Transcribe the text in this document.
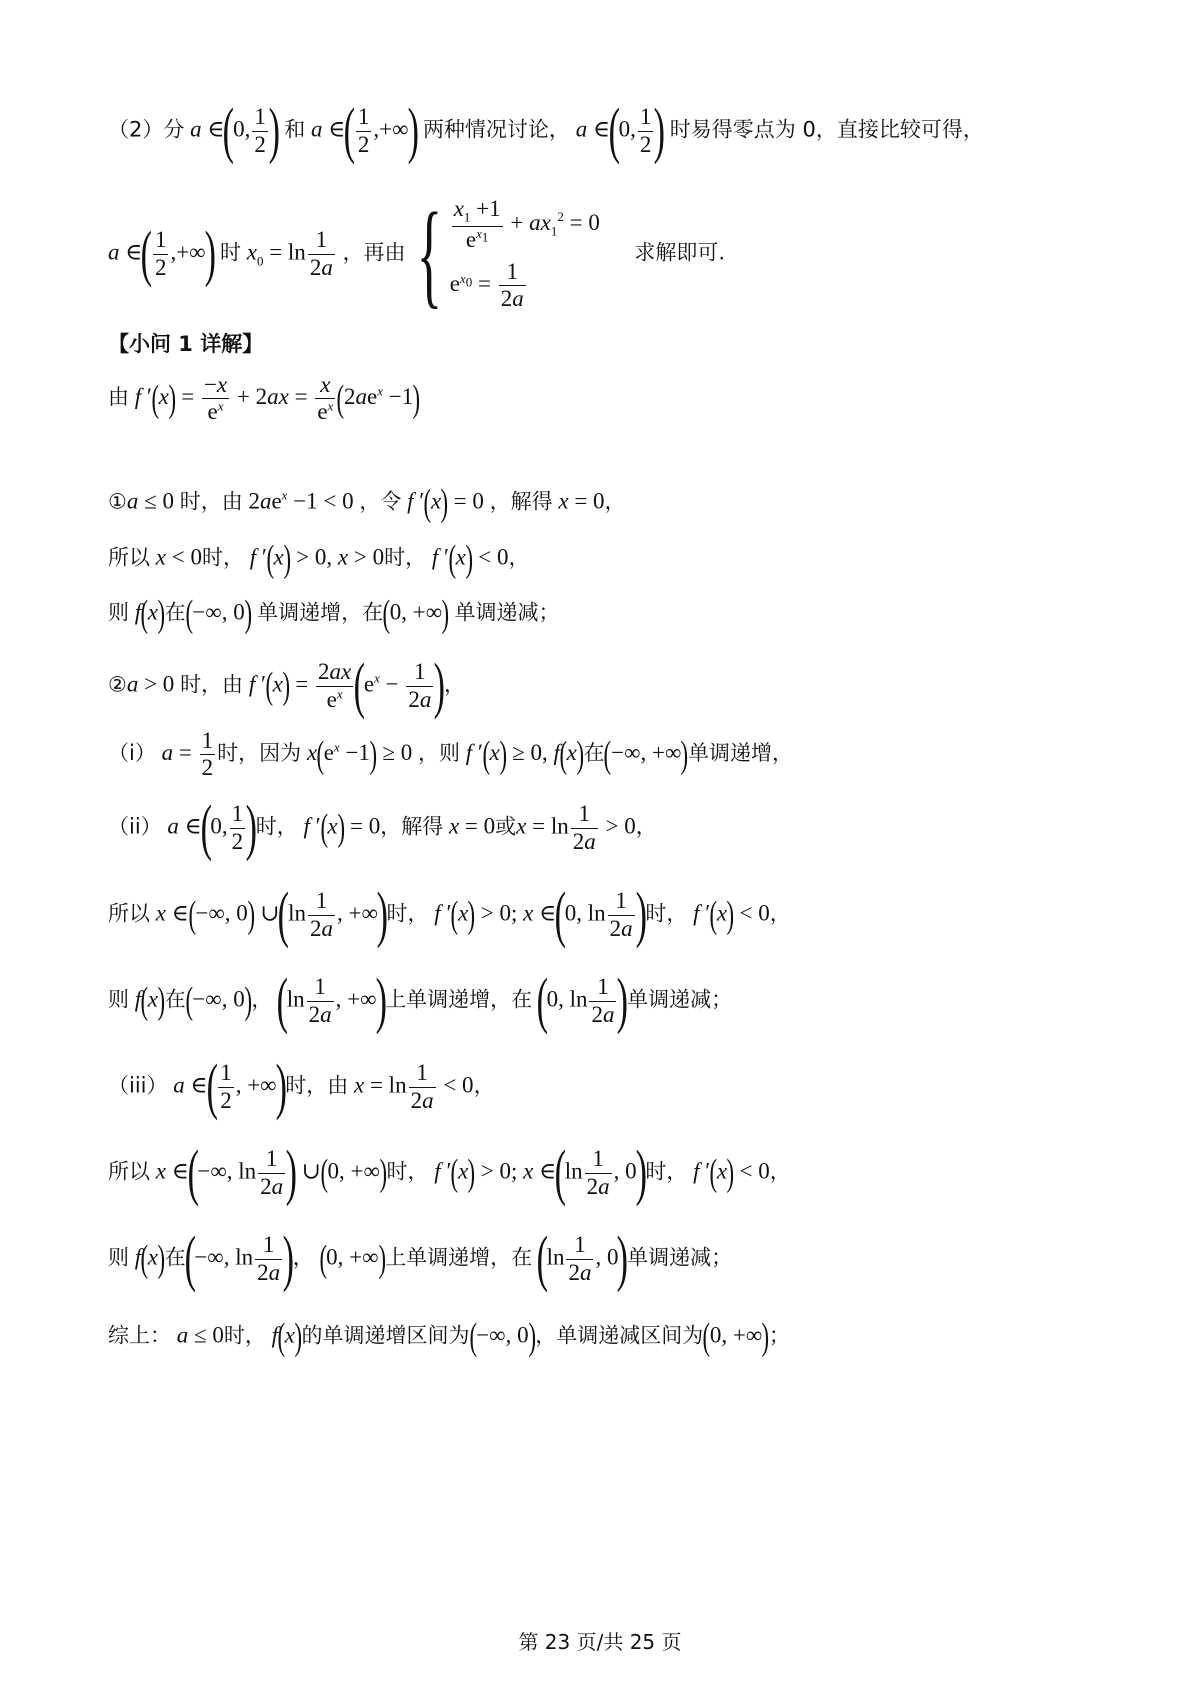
（2）分 a ∈(0, $\frac{1}{2}$ ) 和 a ∈( $\frac{1}{2}$ ,+∞) 两种情况讨论， a ∈(0, $\frac{1}{2}$ ) 时易得零点为 0，直接比较可得，
a ∈( $\frac{1}{2}$ ,+∞) 时 $x_0 = \ln \frac{1}{2a}$ ，再由 { $\frac{x_1 +1}{e^{x_1}} + ax_1^2 = 0$
$e^{x_0} = \frac{1}{2a}$
求解即可.
【小问 1 详解】
由 f $'(x) = \frac{-x}{e^x} + 2ax = \frac{x}{e^x} (2ae^x -1)$
①a ≤ 0 时，由 $2ae^x -1 < 0$ ，令 f ′(x) = 0 ，解得 x = 0，
所以 x < 0时， f ′(x) > 0, x > 0时， f ′(x) < 0，
则 f(x)在(−∞, 0) 单调递增，在(0, +∞) 单调递减；
②a > 0 时，由 f $'(x) = \frac{2ax}{e^x} (e^x - \frac{1}{2a}$ )，
（i） $a = \frac{1}{2}$ 时，因为 $x(e^x -1) \ge 0$ ，则 f ′(x) ≥ 0, f(x)在(−∞, +∞)单调递增，
（ii） a ∈(0, $\frac{1}{2}$ )时， f ′(x) = 0，解得 x = 0或$x = \ln \frac{1}{2a} > 0$，
所以 x ∈(−∞, 0) ∪(ln $\frac{1}{2a}$ , +∞)时， f ′(x) > 0; x ∈(0, $\ln \frac{1}{2a}$ )时， f ′(x) < 0，
则 f(x)在(−∞, 0)， ($\ln \frac{1}{2a}$ , +∞)上单调递增，在 (0, $\ln \frac{1}{2a}$ )单调递减；
（iii） a ∈( $\frac{1}{2}$ , +∞)时，由 $x = \ln \frac{1}{2a} < 0$，
所以 x ∈(−∞, $\ln \frac{1}{2a}$ ) ∪(0, +∞)时， f ′(x) > 0; x ∈(ln $\frac{1}{2a}$ , 0)时， f ′(x) < 0，
则 f(x)在(−∞, $\ln \frac{1}{2a}$ )， (0, +∞)上单调递增，在 ($\ln \frac{1}{2a}$ , 0)单调递减；
综上： a ≤ 0时， f(x)的单调递增区间为(−∞, 0)，单调递减区间为(0, +∞)；
第 23 页/共 25 页
